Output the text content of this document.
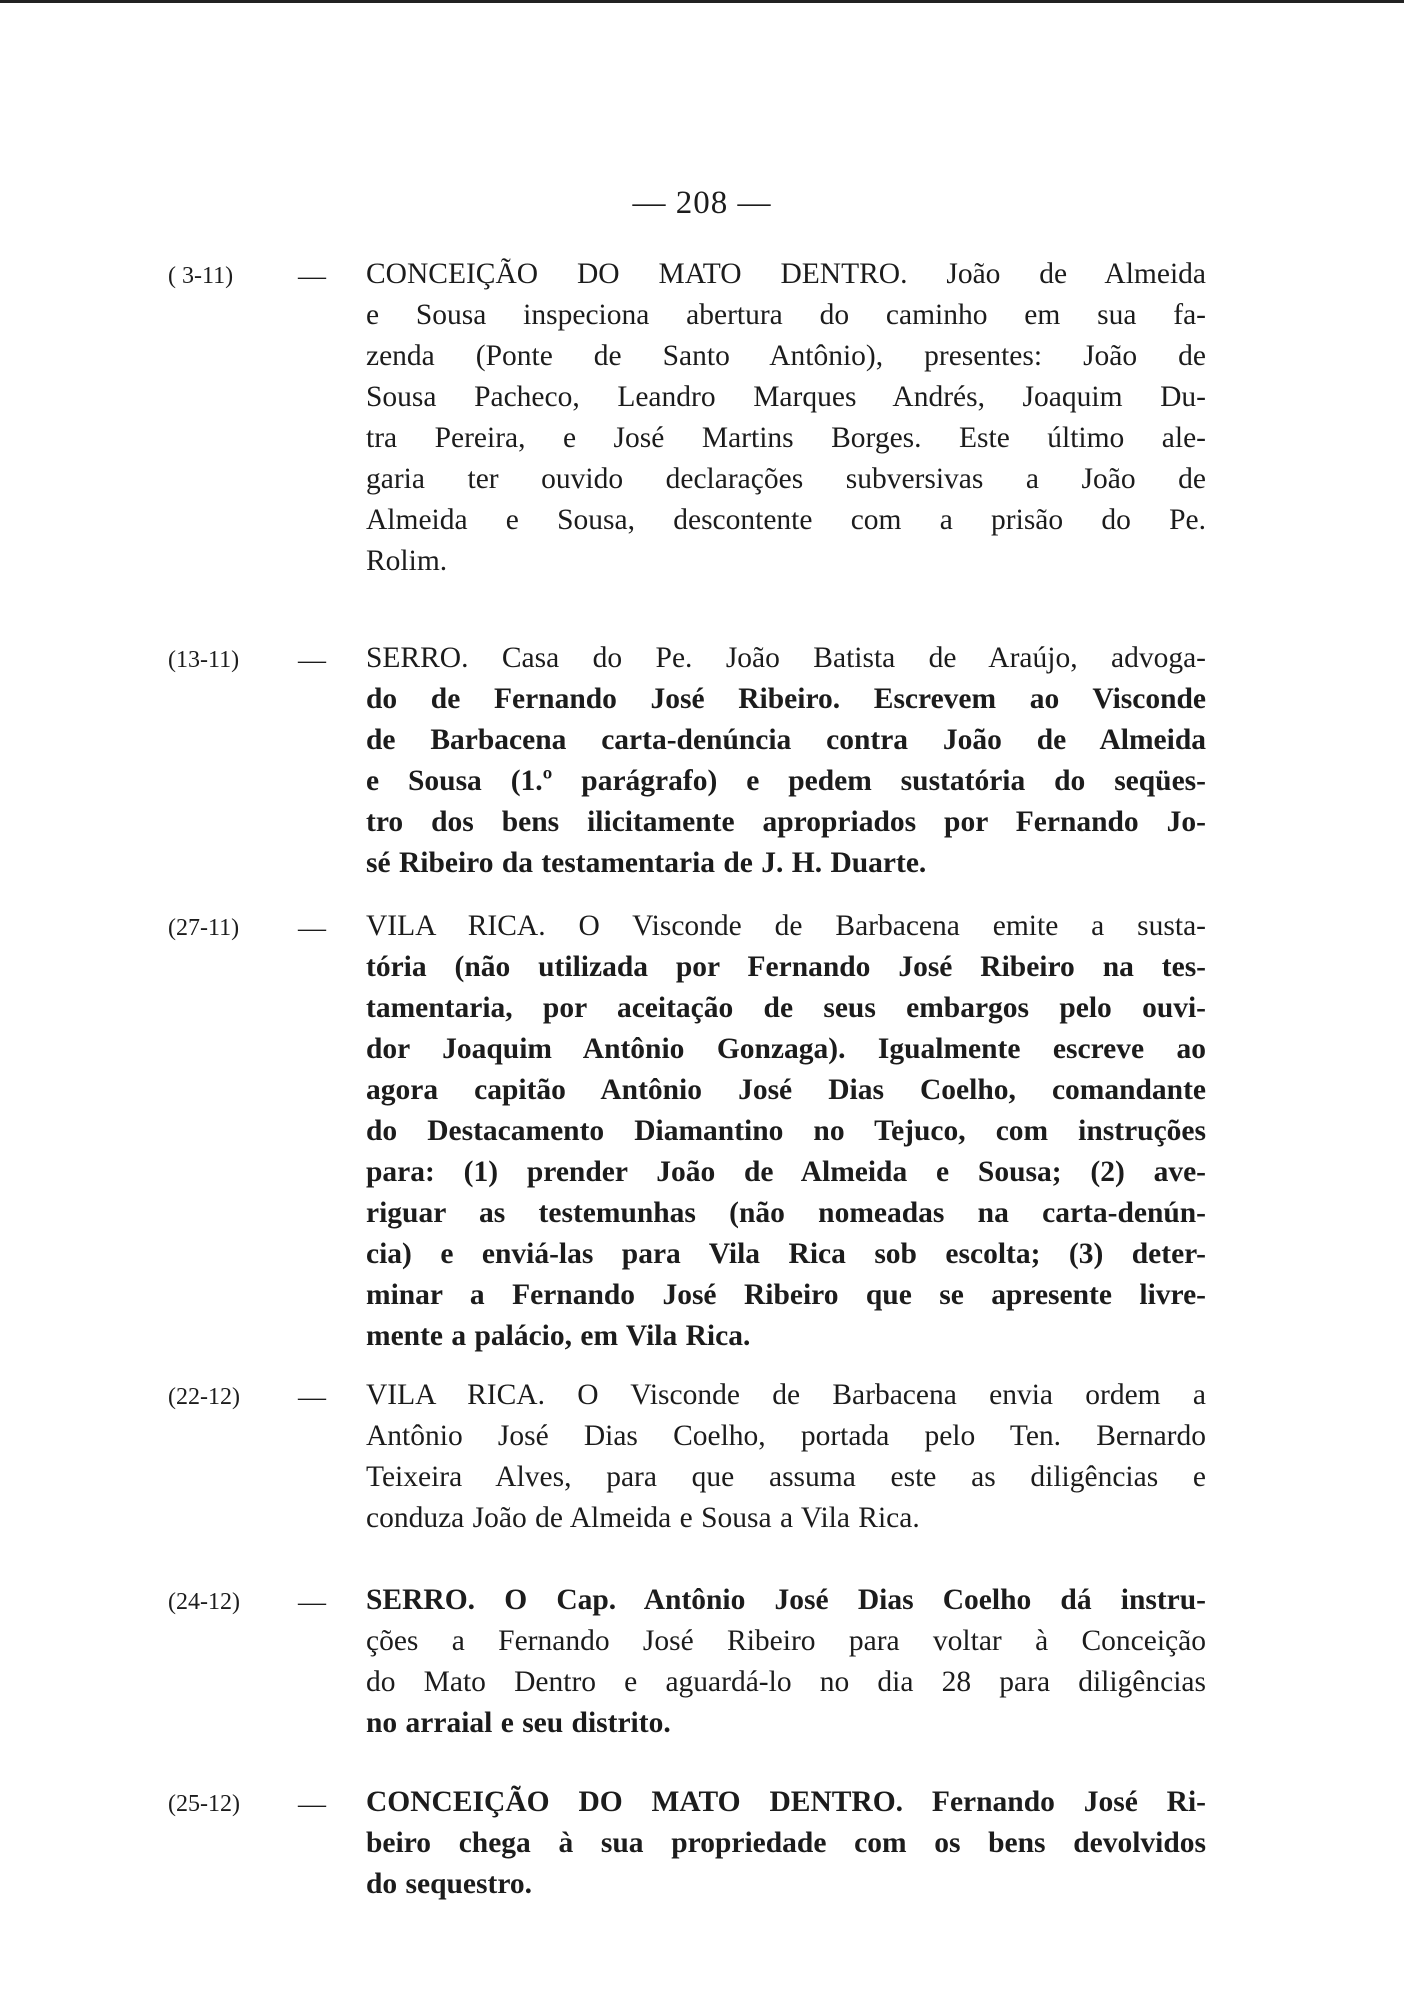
— 208 —
( 3-11) — CONCEIÇÃO DO MATO DENTRO. João de Almeida
e Sousa inspeciona abertura do caminho em sua fa-
zenda (Ponte de Santo Antônio), presentes: João de
Sousa Pacheco, Leandro Marques Andrés, Joaquim Du-
tra Pereira, e José Martins Borges. Este último ale-
garia ter ouvido declarações subversivas a João de
Almeida e Sousa, descontente com a prisão do Pe.
Rolim.
(13-11) — SERRO. Casa do Pe. João Batista de Araújo, advoga-
do de Fernando José Ribeiro. Escrevem ao Visconde
de Barbacena carta-denúncia contra João de Almeida
e Sousa (1.º parágrafo) e pedem sustatória do seqües-
tro dos bens ilicitamente apropriados por Fernando Jo-
sé Ribeiro da testamentaria de J. H. Duarte.
(27-11) — VILA RICA. O Visconde de Barbacena emite a susta-
tória (não utilizada por Fernando José Ribeiro na tes-
tamentaria, por aceitação de seus embargos pelo ouvi-
dor Joaquim Antônio Gonzaga). Igualmente escreve ao
agora capitão Antônio José Dias Coelho, comandante
do Destacamento Diamantino no Tejuco, com instruções
para: (1) prender João de Almeida e Sousa; (2) ave-
riguar as testemunhas (não nomeadas na carta-denún-
cia) e enviá-las para Vila Rica sob escolta; (3) deter-
minar a Fernando José Ribeiro que se apresente livre-
mente a palácio, em Vila Rica.
(22-12) — VILA RICA. O Visconde de Barbacena envia ordem a
Antônio José Dias Coelho, portada pelo Ten. Bernardo
Teixeira Alves, para que assuma este as diligências e
conduza João de Almeida e Sousa a Vila Rica.
(24-12) — SERRO. O Cap. Antônio José Dias Coelho dá instru-
ções a Fernando José Ribeiro para voltar à Conceição
do Mato Dentro e aguardá-lo no dia 28 para diligências
no arraial e seu distrito.
(25-12) — CONCEIÇÃO DO MATO DENTRO. Fernando José Ri-
beiro chega à sua propriedade com os bens devolvidos
do sequestro.
